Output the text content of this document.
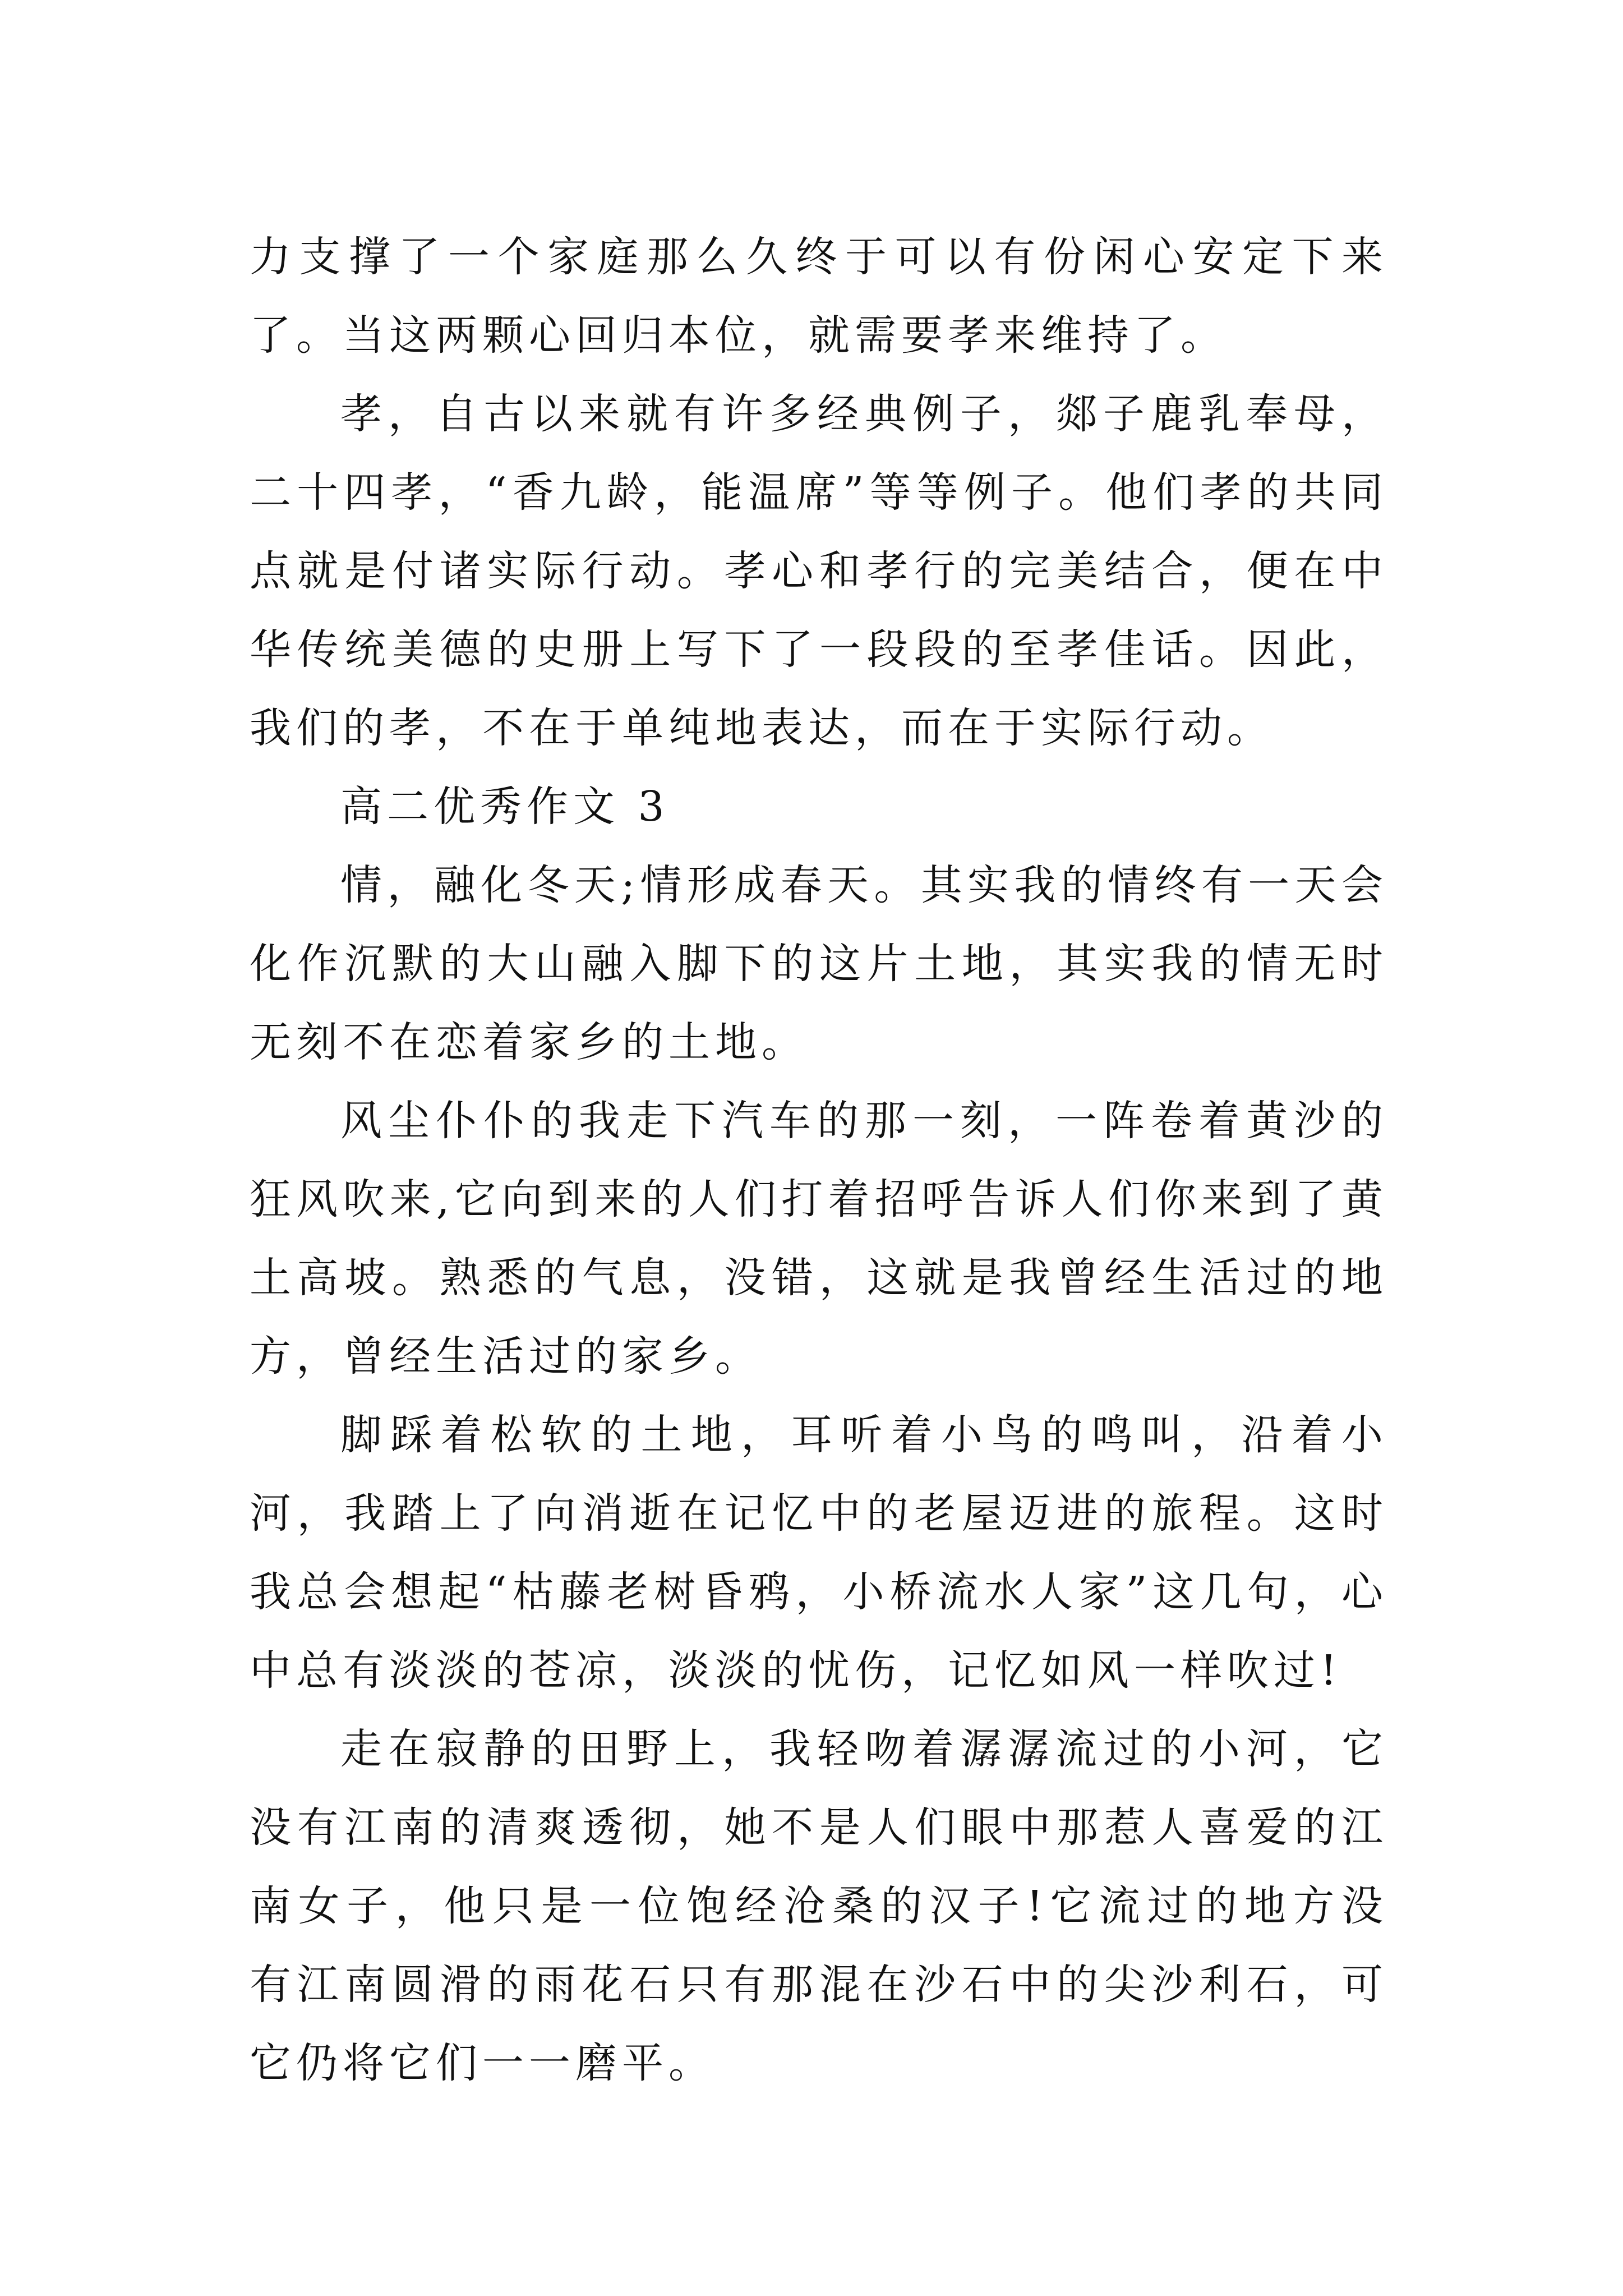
力支撑了一个家庭那么久终于可以有份闲心安定下来了。当这两颗心回归本位，就需要孝来维持了。

孝，自古以来就有许多经典例子，郯子鹿乳奉母，二十四孝，“香九龄，能温席”等等例子。他们孝的共同点就是付诸实际行动。孝心和孝行的完美结合，便在中华传统美德的史册上写下了一段段的至孝佳话。因此，我们的孝，不在于单纯地表达，而在于实际行动。

高二优秀作文 3

情，融化冬天;情形成春天。其实我的情终有一天会化作沉默的大山融入脚下的这片土地，其实我的情无时无刻不在恋着家乡的土地。

风尘仆仆的我走下汽车的那一刻，一阵卷着黄沙的狂风吹来,它向到来的人们打着招呼告诉人们你来到了黄土高坡。熟悉的气息，没错，这就是我曾经生活过的地方，曾经生活过的家乡。

脚踩着松软的土地，耳听着小鸟的鸣叫，沿着小河，我踏上了向消逝在记忆中的老屋迈进的旅程。这时我总会想起“枯藤老树昏鸦，小桥流水人家”这几句，心中总有淡淡的苍凉，淡淡的忧伤，记忆如风一样吹过!

走在寂静的田野上，我轻吻着潺潺流过的小河，它没有江南的清爽透彻，她不是人们眼中那惹人喜爱的江南女子，他只是一位饱经沧桑的汉子!它流过的地方没有江南圆滑的雨花石只有那混在沙石中的尖沙利石，可它仍将它们一一磨平。
